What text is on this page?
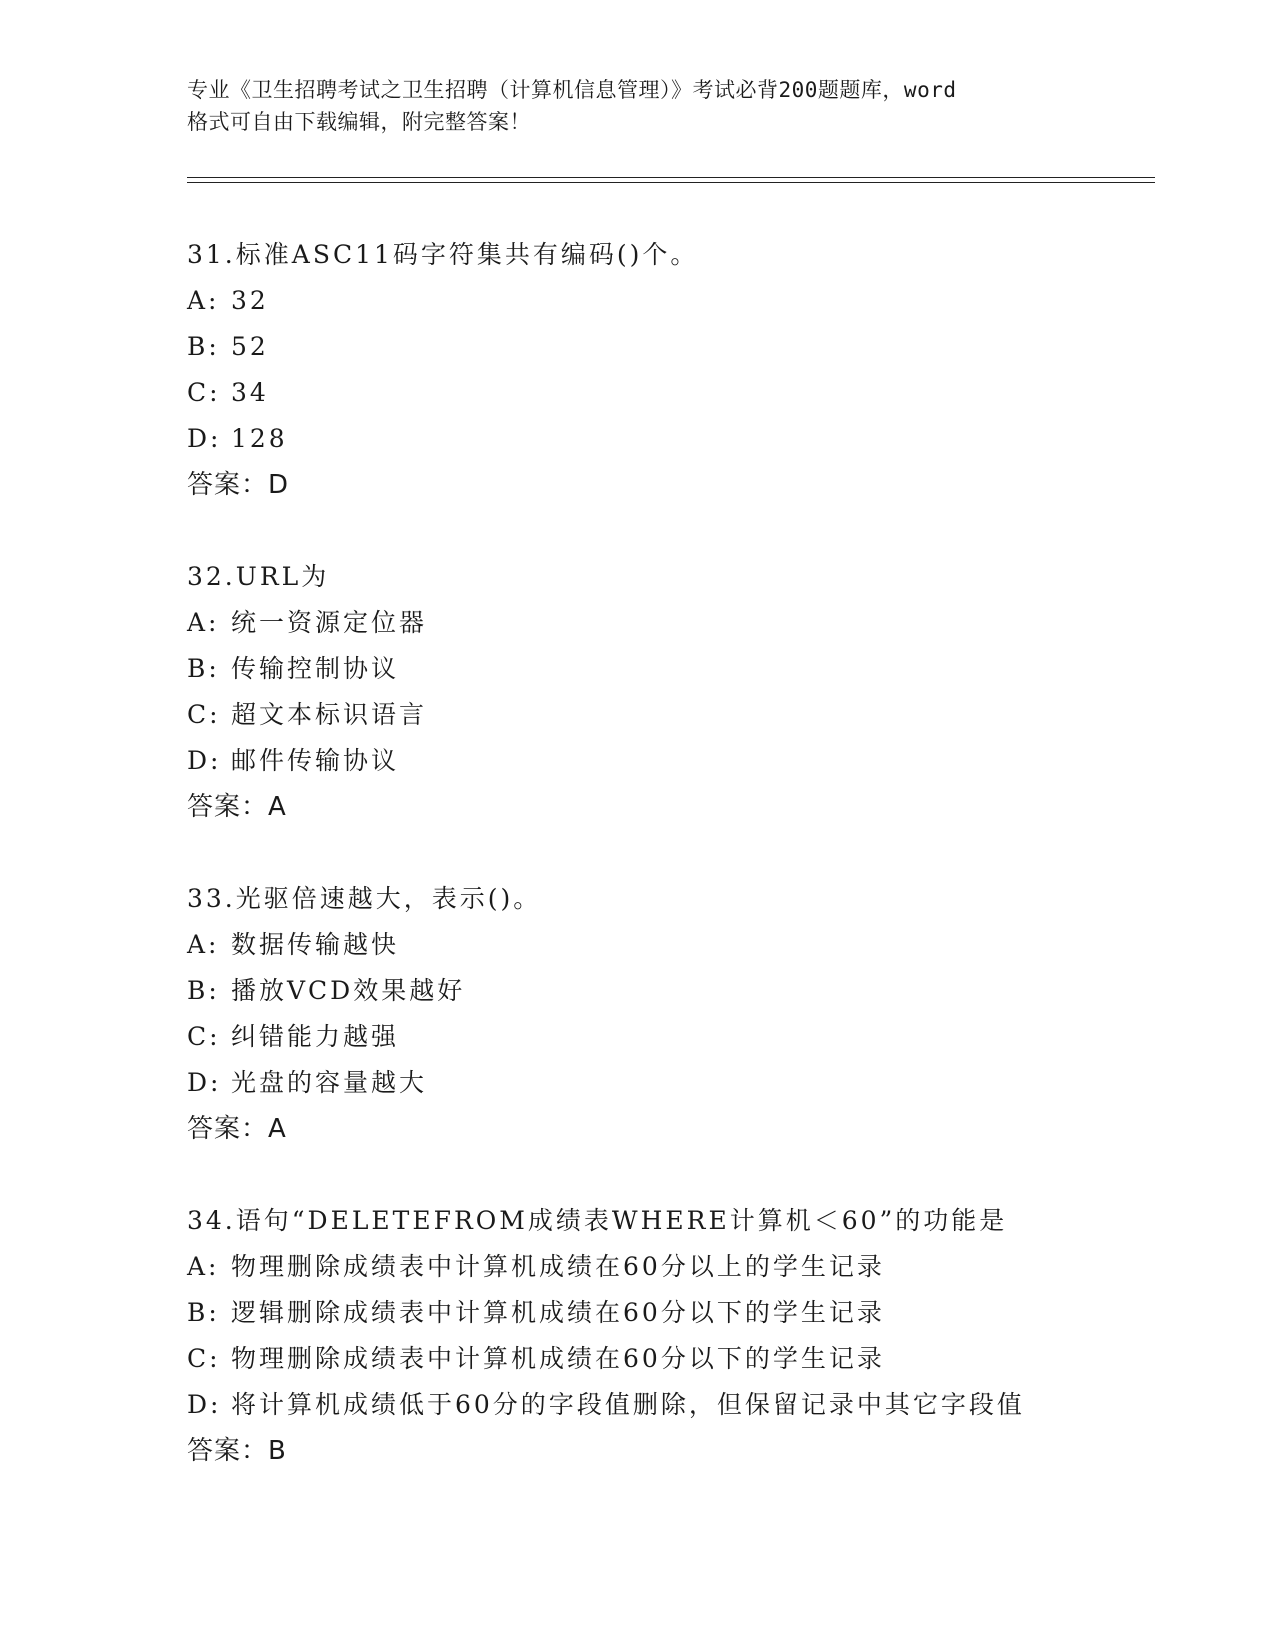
专业《卫生招聘考试之卫生招聘（计算机信息管理）》考试必背200题题库，word
格式可自由下载编辑，附完整答案！
31.标准ASC11码字符集共有编码()个。
A: 32
B: 52
C: 34
D: 128
答案：D
32.URL为
A: 统一资源定位器
B: 传输控制协议
C: 超文本标识语言
D: 邮件传输协议
答案：A
33.光驱倍速越大，表示()。
A: 数据传输越快
B: 播放VCD效果越好
C: 纠错能力越强
D: 光盘的容量越大
答案：A
34.语句“DELETEFROM成绩表WHERE计算机＜60”的功能是
A: 物理删除成绩表中计算机成绩在60分以上的学生记录
B: 逻辑删除成绩表中计算机成绩在60分以下的学生记录
C: 物理删除成绩表中计算机成绩在60分以下的学生记录
D: 将计算机成绩低于60分的字段值删除，但保留记录中其它字段值
答案：B
